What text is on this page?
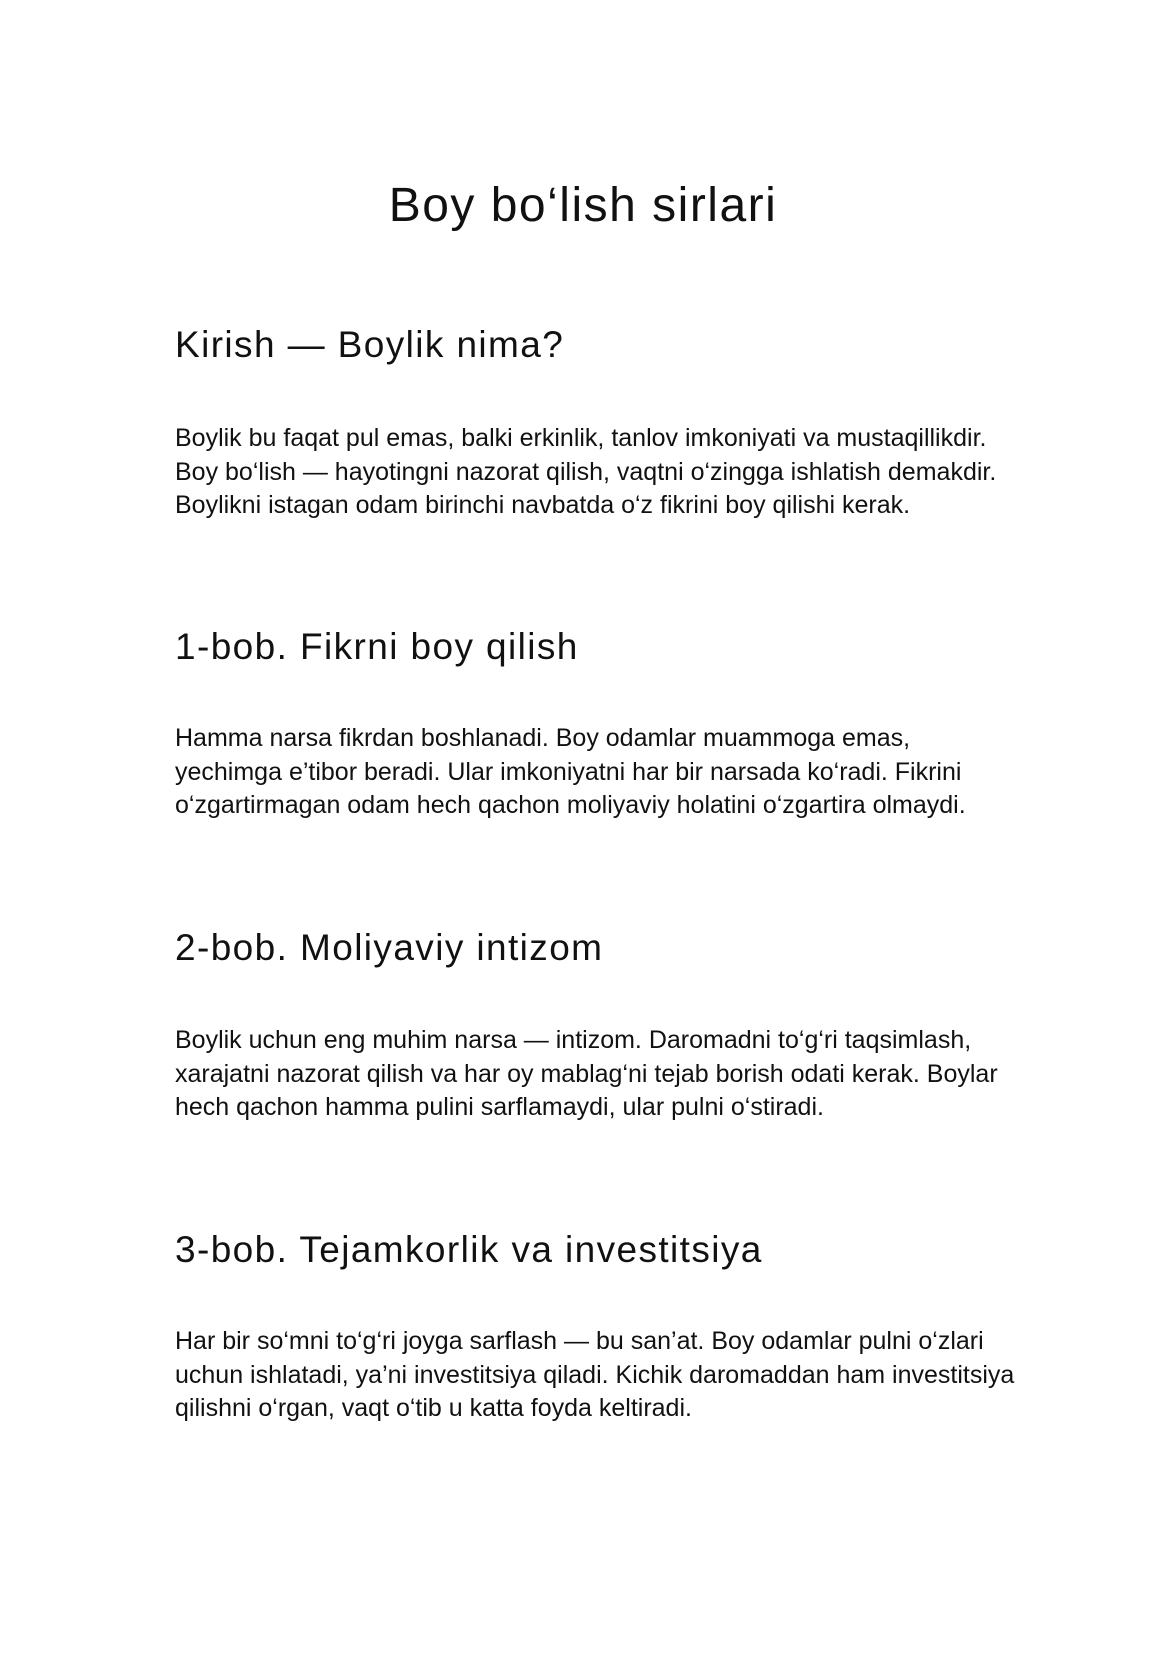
Boy bo‘lish sirlari
Kirish — Boylik nima?

Boylik bu faqat pul emas, balki erkinlik, tanlov imkoniyati va mustaqillikdir. Boy bo‘lish — hayotingni nazorat qilish, vaqtni o‘zingga ishlatish demakdir. Boylikni istagan odam birinchi navbatda o‘z fikrini boy qilishi kerak.

1-bob. Fikrni boy qilish

Hamma narsa fikrdan boshlanadi. Boy odamlar muammoga emas, yechimga e’tibor beradi. Ular imkoniyatni har bir narsada ko‘radi. Fikrini o‘zgartirmagan odam hech qachon moliyaviy holatini o‘zgartira olmaydi.

2-bob. Moliyaviy intizom

Boylik uchun eng muhim narsa — intizom. Daromadni to‘g‘ri taqsimlash, xarajatni nazorat qilish va har oy mablag‘ni tejab borish odati kerak. Boylar hech qachon hamma pulini sarflamaydi, ular pulni o‘stiradi.

3-bob. Tejamkorlik va investitsiya

Har bir so‘mni to‘g‘ri joyga sarflash — bu san’at. Boy odamlar pulni o‘zlari uchun ishlatadi, ya’ni investitsiya qiladi. Kichik daromaddan ham investitsiya qilishni o‘rgan, vaqt o‘tib u katta foyda keltiradi.
